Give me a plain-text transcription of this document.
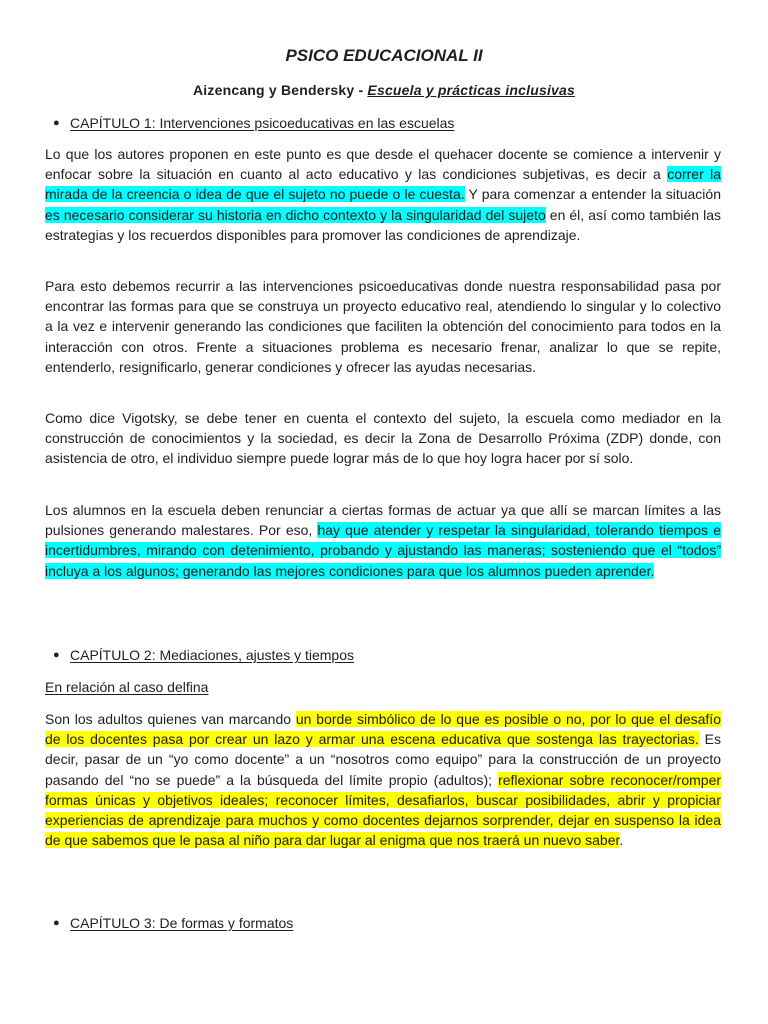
PSICO EDUCACIONAL II

Aizencang y Bendersky - Escuela y prácticas inclusivas

● CAPÍTULO 1: Intervenciones psicoeducativas en las escuelas

Lo que los autores proponen en este punto es que desde el quehacer docente se comience a intervenir y enfocar sobre la situación en cuanto al acto educativo y las condiciones subjetivas, es decir a correr la mirada de la creencia o idea de que el sujeto no puede o le cuesta. Y para comenzar a entender la situación es necesario considerar su historia en dicho contexto y la singularidad del sujeto en él, así como también las estrategias y los recuerdos disponibles para promover las condiciones de aprendizaje.

Para esto debemos recurrir a las intervenciones psicoeducativas donde nuestra responsabilidad pasa por encontrar las formas para que se construya un proyecto educativo real, atendiendo lo singular y lo colectivo a la vez e intervenir generando las condiciones que faciliten la obtención del conocimiento para todos en la interacción con otros. Frente a situaciones problema es necesario frenar, analizar lo que se repite, entenderlo, resignificarlo, generar condiciones y ofrecer las ayudas necesarias.

Como dice Vigotsky, se debe tener en cuenta el contexto del sujeto, la escuela como mediador en la construcción de conocimientos y la sociedad, es decir la Zona de Desarrollo Próxima (ZDP) donde, con asistencia de otro, el individuo siempre puede lograr más de lo que hoy logra hacer por sí solo.

Los alumnos en la escuela deben renunciar a ciertas formas de actuar ya que allí se marcan límites a las pulsiones generando malestares. Por eso, hay que atender y respetar la singularidad, tolerando tiempos e incertidumbres, mirando con detenimiento, probando y ajustando las maneras; sosteniendo que el “todos” incluya a los algunos; generando las mejores condiciones para que los alumnos pueden aprender.

● CAPÍTULO 2: Mediaciones, ajustes y tiempos

En relación al caso delfina

Son los adultos quienes van marcando un borde simbólico de lo que es posible o no, por lo que el desafío de los docentes pasa por crear un lazo y armar una escena educativa que sostenga las trayectorias. Es decir, pasar de un “yo como docente” a un “nosotros como equipo” para la construcción de un proyecto pasando del “no se puede” a la búsqueda del límite propio (adultos); reflexionar sobre reconocer/romper formas únicas y objetivos ideales; reconocer límites, desafiarlos, buscar posibilidades, abrir y propiciar experiencias de aprendizaje para muchos y como docentes dejarnos sorprender, dejar en suspenso la idea de que sabemos que le pasa al niño para dar lugar al enigma que nos traerá un nuevo saber.

● CAPÍTULO 3: De formas y formatos
